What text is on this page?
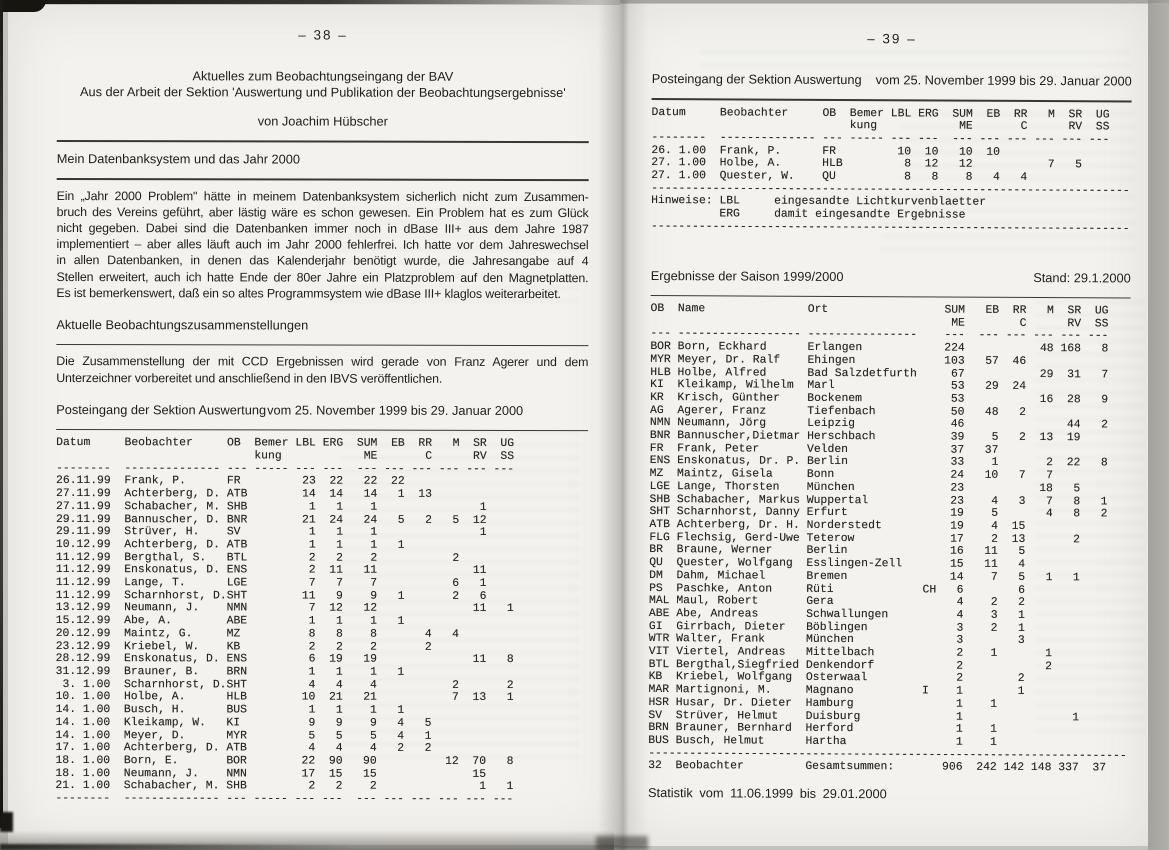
– 38 –
Aktuelles zum Beobachtungseingang der BAV
Aus der Arbeit der Sektion 'Auswertung und Publikation der Beobachtungsergebnisse'
von Joachim Hübscher
Mein Datenbanksystem und das Jahr 2000
Ein „Jahr 2000 Problem" hätte in meinem Datenbanksystem sicherlich nicht zum Zusammen-
bruch des Vereins geführt, aber lästig wäre es schon gewesen. Ein Problem hat es zum Glück
nicht gegeben. Dabei sind die Datenbanken immer noch in dBase III+ aus dem Jahre 1987
implementiert – aber alles läuft auch im Jahr 2000 fehlerfrei. Ich hatte vor dem Jahreswechsel
in allen Datenbanken, in denen das Kalenderjahr benötigt wurde, die Jahresangabe auf 4
Stellen erweitert, auch ich hatte Ende der 80er Jahre ein Platzproblem auf den Magnetplatten.
Es ist bemerkenswert, daß ein so altes Programmsystem wie dBase III+ klaglos weiterarbeitet.
Aktuelle Beobachtungszusammenstellungen
Die Zusammenstellung der mit CCD Ergebnissen wird gerade von Franz Agerer und dem
Unterzeichner vorbereitet und anschließend in den IBVS veröffentlichen.
Posteingang der Sektion Auswertung vom 25. November 1999 bis 29. Januar 2000
Datum     Beobachter     OB  Bemer LBL ERG  SUM  EB  RR   M  SR  UG
kung            ME       C      RV  SS
--------  -------------- --- ----- --- ---  --- --- --- --- --- ---
26.11.99  Frank, P.      FR         23  22   22  22
27.11.99  Achterberg, D. ATB        14  14   14   1  13
27.11.99  Schabacher, M. SHB         1   1    1               1
29.11.99  Bannuscher, D. BNR        21  24   24   5   2   5  12
29.11.99  Strüver, H.    SV          1   1    1               1
10.12.99  Achterberg, D. ATB         1   1    1   1
11.12.99  Bergthal, S.   BTL         2   2    2           2
11.12.99  Enskonatus, D. ENS         2  11   11              11
11.12.99  Lange, T.      LGE         7   7    7           6   1
11.12.99  Scharnhorst, D.SHT        11   9    9   1       2   6
13.12.99  Neumann, J.    NMN         7  12   12              11   1
15.12.99  Abe, A.        ABE         1   1    1   1
20.12.99  Maintz, G.     MZ          8   8    8       4   4
23.12.99  Kriebel, W.    KB          2   2    2       2
28.12.99  Enskonatus, D. ENS         6  19   19              11   8
31.12.99  Brauner, B.    BRN         1   1    1   1
3. 1.00  Scharnhorst, D.SHT         4   4    4           2       2
10. 1.00  Holbe, A.      HLB        10  21   21           7  13   1
14. 1.00  Busch, H.      BUS         1   1    1   1
14. 1.00  Kleikamp, W.   KI          9   9    9   4   5
14. 1.00  Meyer, D.      MYR         5   5    5   4   1
17. 1.00  Achterberg, D. ATB         4   4    4   2   2
18. 1.00  Born, E.       BOR        22  90   90          12  70   8
18. 1.00  Neumann, J.    NMN        17  15   15              15
21. 1.00  Schabacher, M. SHB         2   2    2               1   1
--------  -------------- --- ----- --- ---  --- --- --- --- --- ---
– 39 –
Posteingang der Sektion Auswertung vom 25. November 1999 bis 29. Januar 2000
Datum     Beobachter     OB  Bemer LBL ERG  SUM  EB  RR   M  SR  UG
kung            ME       C      RV  SS
--------  -------------- --- ----- --- ---  --- --- --- --- --- ---
26. 1.00  Frank, P.      FR         10  10   10  10
27. 1.00  Holbe, A.      HLB         8  12   12           7   5
27. 1.00  Quester, W.    QU          8   8    8   4   4
----------------------------------------------------------------------
Hinweise: LBL     eingesandte Lichtkurvenblaetter
ERG     damit eingesandte Ergebnisse
----------------------------------------------------------------------
Ergebnisse der Saison 1999/2000	Stand: 29.1.2000
OB  Name               Ort                 SUM   EB  RR   M  SR  UG
ME        C      RV  SS
--- ------------------ ----------------    ---  --- --- --- --- ---
BOR Born, Eckhard      Erlangen            224           48 168   8
MYR Meyer, Dr. Ralf    Ehingen             103   57  46
HLB Holbe, Alfred      Bad Salzdetfurth     67           29  31   7
KI  Kleikamp, Wilhelm  Marl                 53   29  24
KR  Krisch, Günther    Bockenem             53           16  28   9
AG  Agerer, Franz      Tiefenbach           50   48   2
NMN Neumann, Jörg      Leipzig              46               44   2
BNR Bannuscher,Dietmar Herschbach           39    5   2  13  19
FR  Frank, Peter       Velden               37   37
ENS Enskonatus, Dr. P. Berlin               33    1       2  22   8
MZ  Maintz, Gisela     Bonn                 24   10   7   7
LGE Lange, Thorsten    München              23           18   5
SHB Schabacher, Markus Wuppertal            23    4   3   7   8   1
SHT Scharnhorst, Danny Erfurt               19    5       4   8   2
ATB Achterberg, Dr. H. Norderstedt          19    4  15
FLG Flechsig, Gerd-Uwe Teterow              17    2  13       2
BR  Braune, Werner     Berlin               16   11   5
QU  Quester, Wolfgang  Esslingen-Zell       15   11   4
DM  Dahm, Michael      Bremen               14    7   5   1   1
PS  Paschke, Anton     Rüti             CH   6        6
MAL Maul, Robert       Gera                  4    2   2
ABE Abe, Andreas       Schwallungen          4    3   1
GI  Girrbach, Dieter   Böblingen             3    2   1
WTR Walter, Frank      München               3        3
VIT Viertel, Andreas   Mittelbach            2    1       1
BTL Bergthal,Siegfried Denkendorf            2            2
KB  Kriebel, Wolfgang  Osterwaal             2        2
MAR Martignoni, M.     Magnano          I    1        1
HSR Husar, Dr. Dieter  Hamburg               1    1
SV  Strüver, Helmut    Duisburg              1                1
BRN Brauner, Bernhard  Herford               1    1
BUS Busch, Helmut      Hartha                1    1
----------------------------------------------------------------------
32  Beobachter         Gesamtsummen:       906  242 142 148 337  37
Statistik vom 11.06.1999 bis 29.01.2000
